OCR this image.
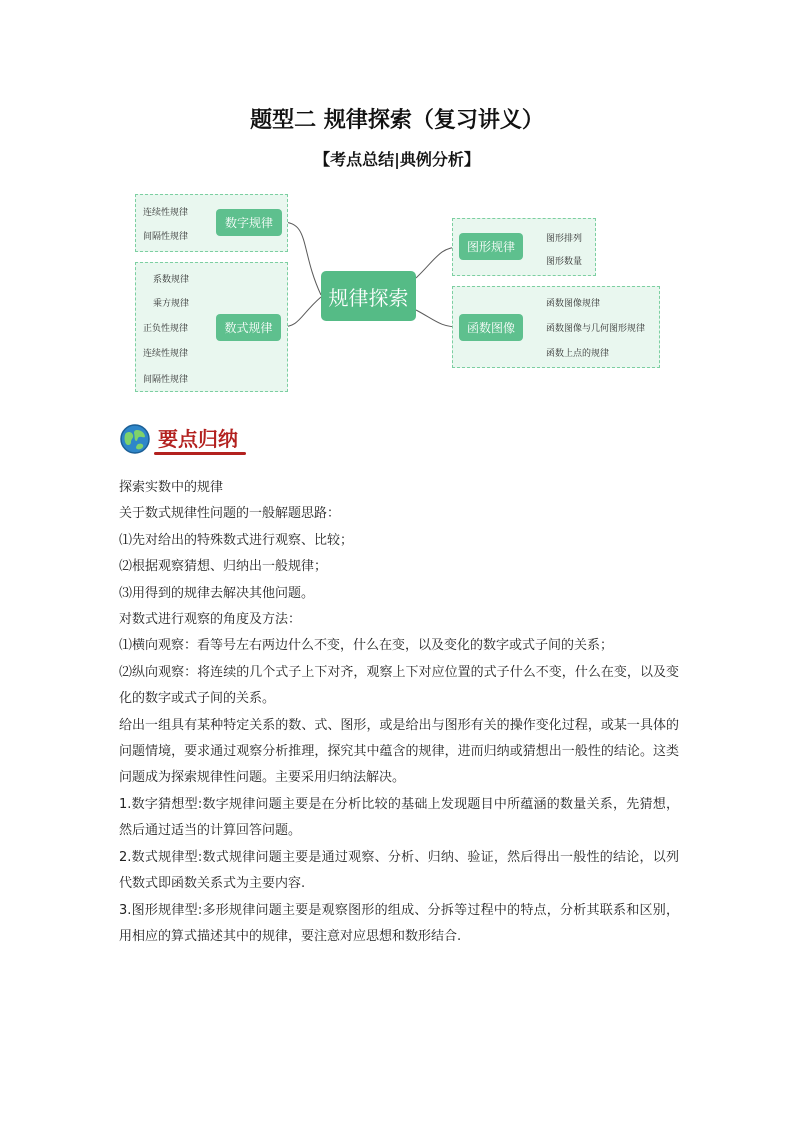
题型二 规律探索（复习讲义）
【考点总结|典例分析】
规律探索
数字规律
数式规律
图形规律
函数图像
连续性规律
间隔性规律
系数规律
乘方规律
正负性规律
连续性规律
间隔性规律
图形排列
图形数量
函数图像规律
函数图像与几何图形规律
函数上点的规律
要点归纳

探索实数中的规律

关于数式规律性问题的一般解题思路：

⑴先对给出的特殊数式进行观察、比较；

⑵根据观察猜想、归纳出一般规律；

⑶用得到的规律去解决其他问题。

对数式进行观察的角度及方法：

⑴横向观察：看等号左右两边什么不变，什么在变，以及变化的数字或式子间的关系；

⑵纵向观察：将连续的几个式子上下对齐，观察上下对应位置的式子什么不变，什么在变，以及变化的数字或式子间的关系。

给出一组具有某种特定关系的数、式、图形，或是给出与图形有关的操作变化过程，或某一具体的问题情境，要求通过观察分析推理，探究其中蕴含的规律，进而归纳或猜想出一般性的结论。这类问题成为探索规律性问题。主要采用归纳法解决。

1.数字猜想型:数字规律问题主要是在分析比较的基础上发现题目中所蕴涵的数量关系，先猜想，然后通过适当的计算回答问题。

2.数式规律型:数式规律问题主要是通过观察、分析、归纳、验证，然后得出一般性的结论，以列代数式即函数关系式为主要内容.

3.图形规律型:多形规律问题主要是观察图形的组成、分拆等过程中的特点，分析其联系和区别，用相应的算式描述其中的规律，要注意对应思想和数形结合.
